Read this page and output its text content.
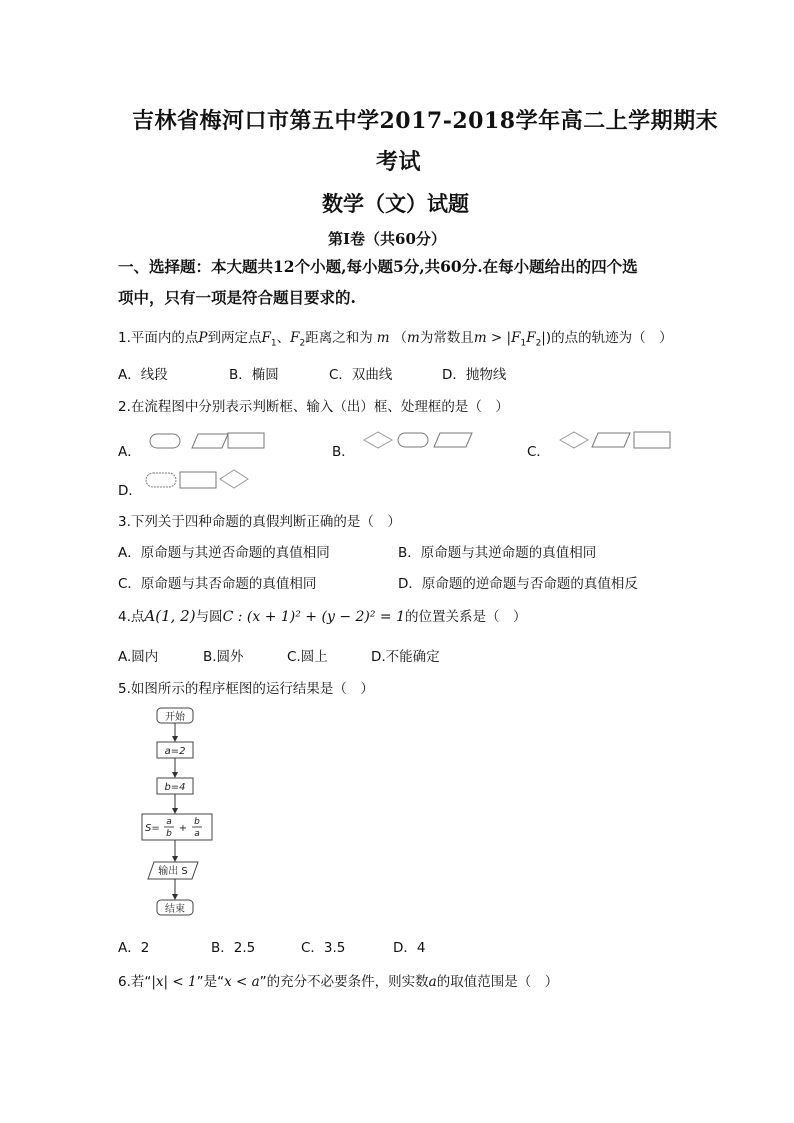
吉林省梅河口市第五中学2017-2018学年高二上学期期末
考试
数学（文）试题
第Ⅰ卷（共60分）
一、选择题：本大题共12个小题,每小题5分,共60分.在每小题给出的四个选
项中，只有一项是符合题目要求的.
1.平面内的点P到两定点$F_1$、$F_2$距离之和为 m （m为常数且$m > |F_1F_2|$)的点的轨迹为（　）
A．线段	B．椭圆	C．双曲线	D．抛物线
2.在流程图中分别表示判断框、输入（出）框、处理框的是（　）
A．	B．	C．
D．
3.下列关于四种命题的真假判断正确的是（　）
A．原命题与其逆否命题的真值相同	B．原命题与其逆命题的真值相同
C．原命题与其否命题的真值相同	D．原命题的逆命题与否命题的真值相反
4.点A(1, 2)与圆C : (x + 1)² + (y − 2)² = 1的位置关系是（　）
A.圆内	B.圆外	C.圆上	D.不能确定
5.如图所示的程序框图的运行结果是（　）
开始
a=2
b=4
S=
a
b +
b
a
输出 S
结束
A．2	B．2.5	C．3.5	D．4
6.若“|x| < 1”是“x < a”的充分不必要条件，则实数a的取值范围是（　）
